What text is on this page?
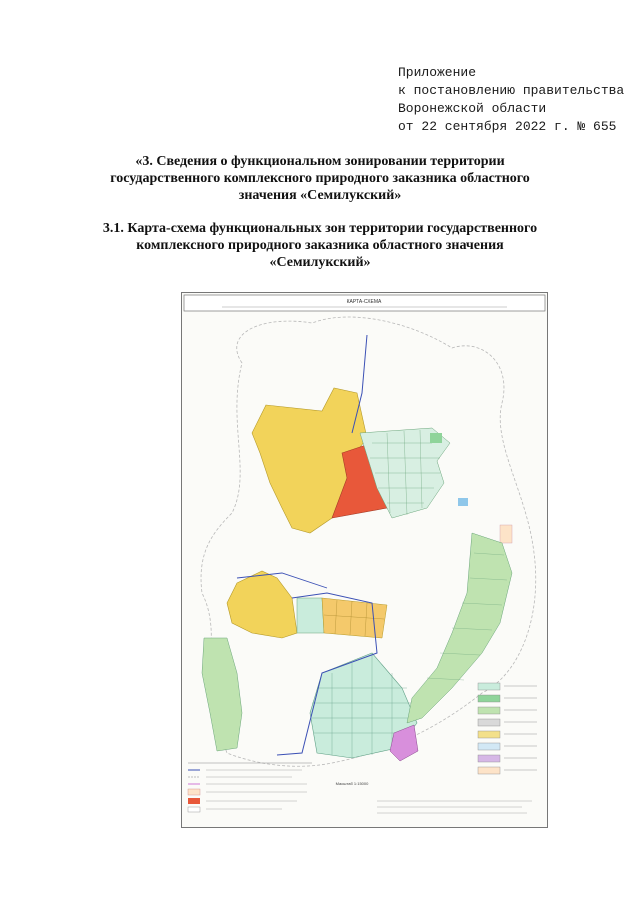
Приложение
к постановлению правительства
Воронежской области
от 22 сентября 2022 г. № 655
«3. Сведения о функциональном зонировании территории
государственного комплексного природного заказника областного
значения «Семилукский»
3.1. Карта-схема функциональных зон территории государственного
комплексного природного заказника областного значения
«Семилукский»
КАРТА-СХЕМА
Масштаб 1:15000
